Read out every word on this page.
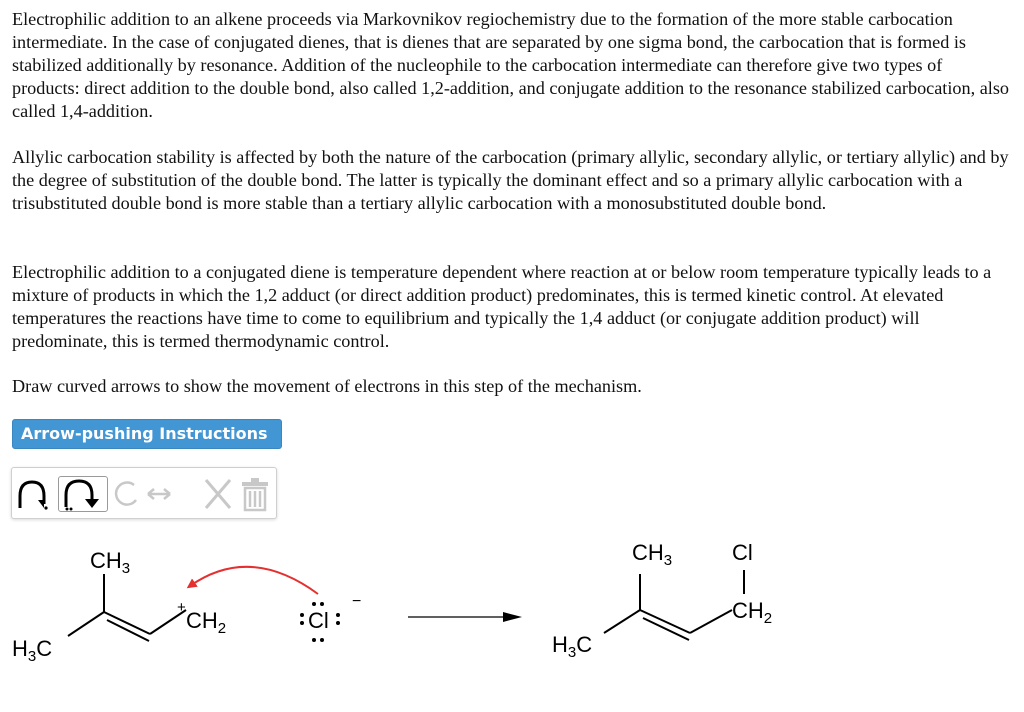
Electrophilic addition to an alkene proceeds via Markovnikov regiochemistry due to the formation of the more stable carbocation intermediate. In the case of conjugated dienes, that is dienes that are separated by one sigma bond, the carbocation that is formed is stabilized additionally by resonance. Addition of the nucleophile to the carbocation intermediate can therefore give two types of products: direct addition to the double bond, also called 1,2-addition, and conjugate addition to the resonance stabilized carbocation, also called 1,4-addition.

Allylic carbocation stability is affected by both the nature of the carbocation (primary allylic, secondary allylic, or tertiary allylic) and by the degree of substitution of the double bond. The latter is typically the dominant effect and so a primary allylic carbocation with a trisubstituted double bond is more stable than a tertiary allylic carbocation with a monosubstituted double bond.

Electrophilic addition to a conjugated diene is temperature dependent where reaction at or below room temperature typically leads to a mixture of products in which the 1,2 adduct (or direct addition product) predominates, this is termed kinetic control. At elevated temperatures the reactions have time to come to equilibrium and typically the 1,4 adduct (or conjugate addition product) will predominate, this is termed thermodynamic control.

Draw curved arrows to show the movement of electrons in this step of the mechanism.

Arrow-pushing Instructions
$CH_3$
$H_3C$
+
$CH_2$	Cl
−
$CH_3$	Cl
$CH_2$
$H_3C$
